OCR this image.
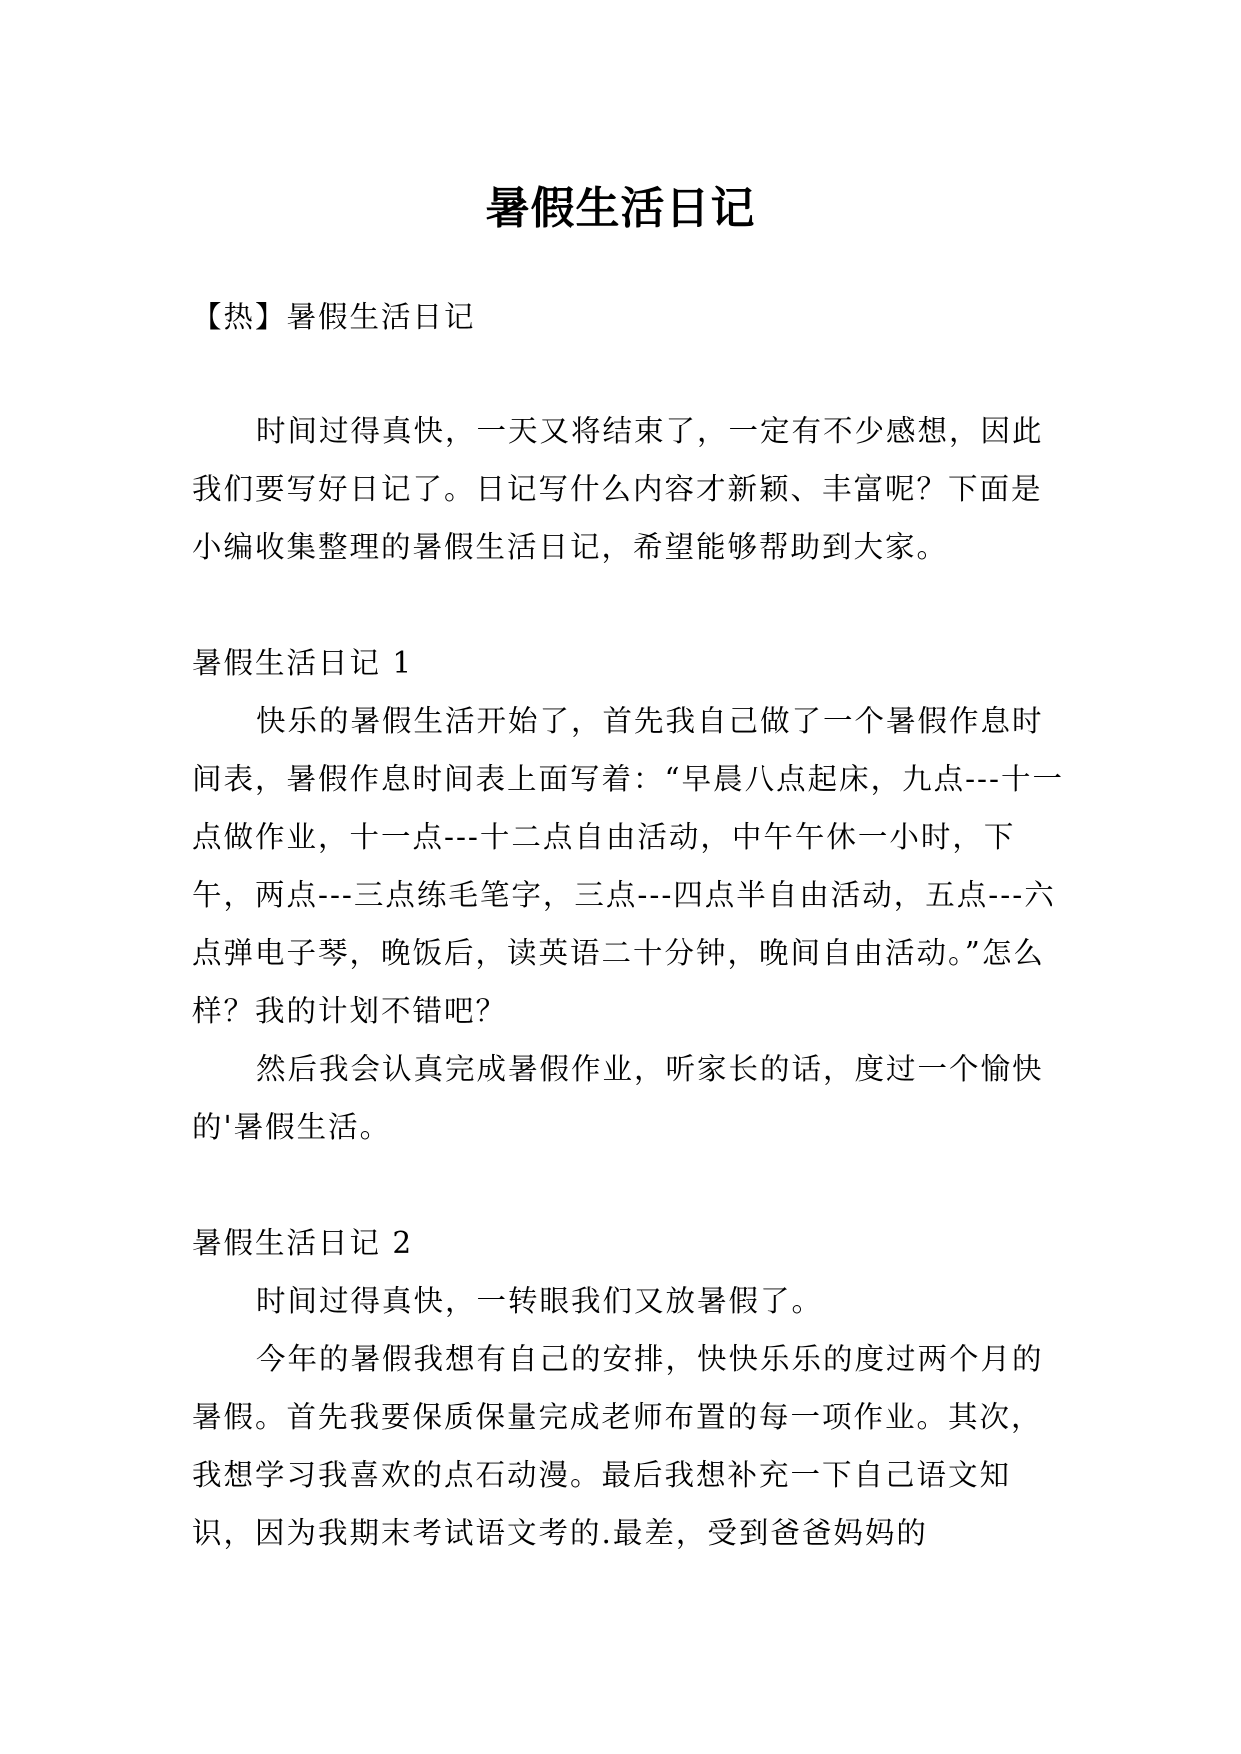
暑假生活日记

【热】暑假生活日记

时间过得真快，一天又将结束了，一定有不少感想，因此我们要写好日记了。日记写什么内容才新颖、丰富呢？下面是小编收集整理的暑假生活日记，希望能够帮助到大家。

暑假生活日记 1

快乐的暑假生活开始了，首先我自己做了一个暑假作息时间表，暑假作息时间表上面写着：“早晨八点起床，九点---十一点做作业，十一点---十二点自由活动，中午午休一小时，下午，两点---三点练毛笔字，三点---四点半自由活动，五点---六点弹电子琴，晚饭后，读英语二十分钟，晚间自由活动。”怎么样？我的计划不错吧？

然后我会认真完成暑假作业，听家长的话，度过一个愉快的'暑假生活。

暑假生活日记 2

时间过得真快，一转眼我们又放暑假了。

今年的暑假我想有自己的安排，快快乐乐的度过两个月的暑假。首先我要保质保量完成老师布置的每一项作业。其次，我想学习我喜欢的点石动漫。最后我想补充一下自己语文知识，因为我期末考试语文考的.最差，受到爸爸妈妈的
